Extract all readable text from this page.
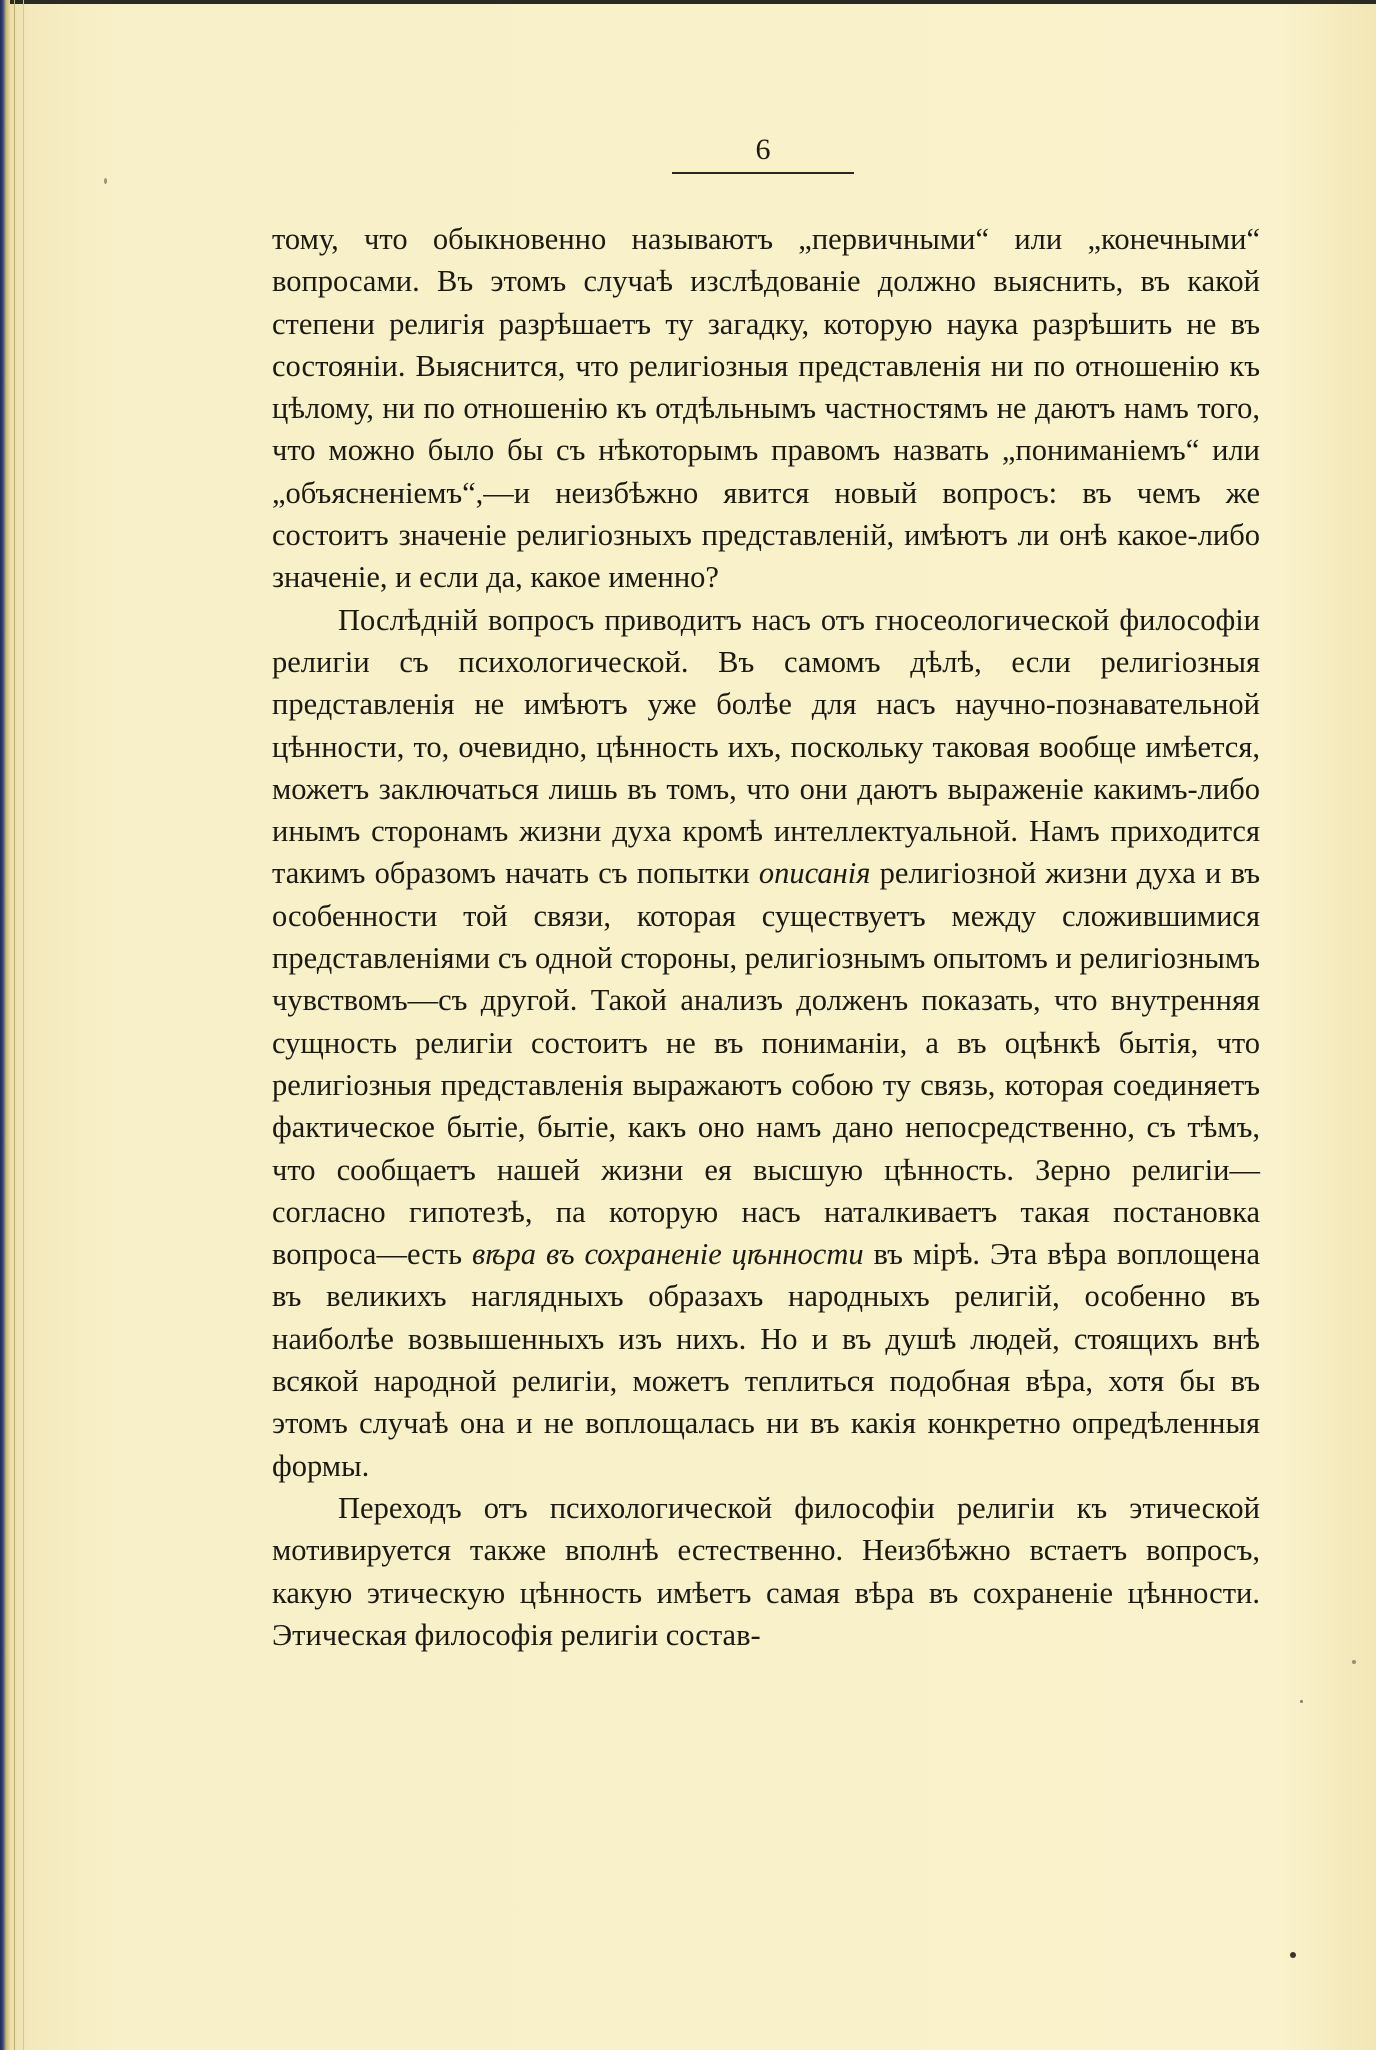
6

тому, что обыкновенно называютъ „первичными“ или „конечными“ вопросами. Въ этомъ случаѣ изслѣдованіе должно выяснить, въ какой степени религія разрѣшаетъ ту загадку, которую наука разрѣшить не въ состояніи. Выяснится, что религіозныя представленія ни по отношенію къ цѣлому, ни по отношенію къ отдѣльнымъ частностямъ не даютъ намъ того, что можно было бы съ нѣкоторымъ правомъ назвать „пониманіемъ“ или „объясненіемъ“,—и неизбѣжно явится новый вопросъ: въ чемъ же состоитъ значеніе религіозныхъ представленій, имѣютъ ли онѣ какое-либо значеніе, и если да, какое именно?

Послѣдній вопросъ приводитъ насъ отъ гносеологической философіи религіи съ психологической. Въ самомъ дѣлѣ, если религіозныя представленія не имѣютъ уже болѣе для насъ научно-познавательной цѣнности, то, очевидно, цѣнность ихъ, поскольку таковая вообще имѣется, можетъ заключаться лишь въ томъ, что они даютъ выраженіе какимъ-либо инымъ сторонамъ жизни духа кромѣ интеллектуальной. Намъ приходится такимъ образомъ начать съ попытки описанія религіозной жизни духа и въ особенности той связи, которая существуетъ между сложившимися представленіями съ одной стороны, религіознымъ опытомъ и религіознымъ чувствомъ—съ другой. Такой анализъ долженъ показать, что внутренняя сущность религіи состоитъ не въ пониманіи, а въ оцѣнкѣ бытія, что религіозныя представленія выражаютъ собою ту связь, которая соединяетъ фактическое бытіе, бытіе, какъ оно намъ дано непосредственно, съ тѣмъ, что сообщаетъ нашей жизни ея высшую цѣнность. Зерно религіи—согласно гипотезѣ, па которую насъ наталкиваетъ такая постановка вопроса—есть вѣра въ сохраненіе цѣнности въ мірѣ. Эта вѣра воплощена въ великихъ наглядныхъ образахъ народныхъ религій, особенно въ наиболѣе возвышенныхъ изъ нихъ. Но и въ душѣ людей, стоящихъ внѣ всякой народной религіи, можетъ теплиться подобная вѣра, хотя бы въ этомъ случаѣ она и не воплощалась ни въ какія конкретно опредѣленныя формы.

Переходъ отъ психологической философіи религіи къ этической мотивируется также вполнѣ естественно. Неизбѣжно встаетъ вопросъ, какую этическую цѣнность имѣетъ самая вѣра въ сохраненіе цѣнности. Этическая философія религіи состав-
